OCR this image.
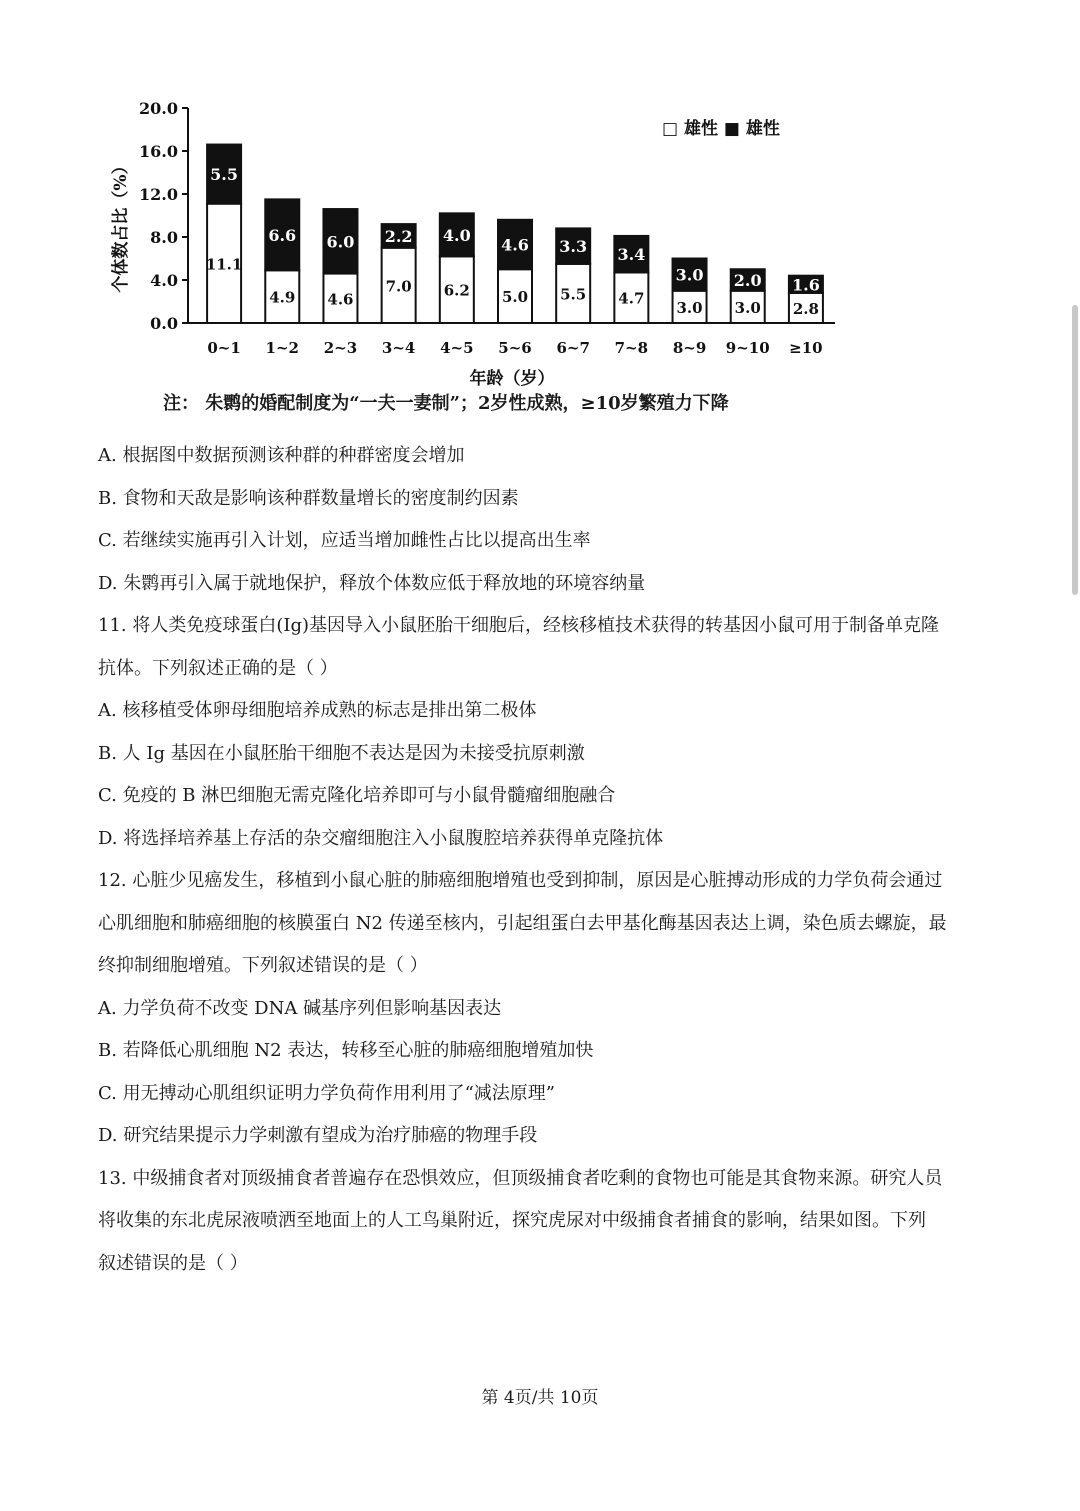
0.0
4.0
8.0
12.0
16.0
20.0
个体数占比（%）	11.1
5.5
0~1
4.9
6.6
1~2
4.6
6.0
2~3
7.0
2.2
3~4
6.2
4.0
4~5
5.0
4.6
5~6
5.5
3.3
6~7
4.7
3.4
7~8
3.0
3.0
8~9
3.0
2.0
9~10
2.8
1.6
≥10
年龄（岁）
□ 雄性 ■ 雄性
注： 朱鹮的婚配制度为“一夫一妻制”；2岁性成熟，≥10岁繁殖力下降
A. 根据图中数据预测该种群的种群密度会增加
B. 食物和天敌是影响该种群数量增长的密度制约因素
C. 若继续实施再引入计划，应适当增加雌性占比以提高出生率
D. 朱鹮再引入属于就地保护，释放个体数应低于释放地的环境容纳量
11. 将人类免疫球蛋白(Ig)基因导入小鼠胚胎干细胞后，经核移植技术获得的转基因小鼠可用于制备单克隆
抗体。下列叙述正确的是（ ）
A. 核移植受体卵母细胞培养成熟的标志是排出第二极体
B. 人 Ig 基因在小鼠胚胎干细胞不表达是因为未接受抗原刺激
C. 免疫的 B 淋巴细胞无需克隆化培养即可与小鼠骨髓瘤细胞融合
D. 将选择培养基上存活的杂交瘤细胞注入小鼠腹腔培养获得单克隆抗体
12. 心脏少见癌发生，移植到小鼠心脏的肺癌细胞增殖也受到抑制，原因是心脏搏动形成的力学负荷会通过
心肌细胞和肺癌细胞的核膜蛋白 N2 传递至核内，引起组蛋白去甲基化酶基因表达上调，染色质去螺旋，最
终抑制细胞增殖。下列叙述错误的是（ ）
A. 力学负荷不改变 DNA 碱基序列但影响基因表达
B. 若降低心肌细胞 N2 表达，转移至心脏的肺癌细胞增殖加快
C. 用无搏动心肌组织证明力学负荷作用利用了“减法原理”
D. 研究结果提示力学刺激有望成为治疗肺癌的物理手段
13. 中级捕食者对顶级捕食者普遍存在恐惧效应，但顶级捕食者吃剩的食物也可能是其食物来源。研究人员
将收集的东北虎尿液喷洒至地面上的人工鸟巢附近，探究虎尿对中级捕食者捕食的影响，结果如图。下列
叙述错误的是（ ）
第 4页/共 10页
